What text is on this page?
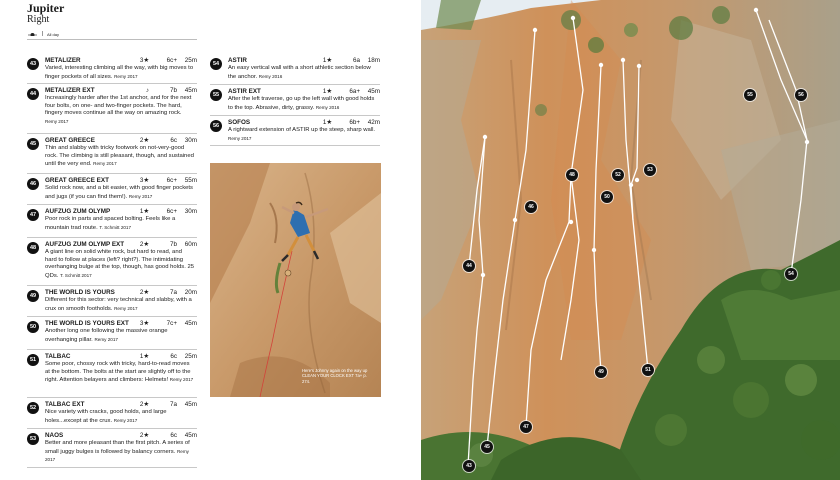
Jupiter
Right
All day
43	METALIZER	3★	6c+ 25m
Varied, interesting climbing all the way, with big moves to finger pockets of all sizes. Remy 2017
44	METALIZER EXT	♪	7b 45m
Increasingly harder after the 1st anchor, and for the next four bolts, on one- and two-finger pockets. The hard, fingery moves continue all the way on amazing rock. Remy 2017
45	GREAT GREECE	2★	6c 30m
Thin and slabby with tricky footwork on not-very-good rock. The climbing is still pleasant, though, and sustained until the very end. Remy 2017
46	GREAT GREECE EXT	3★	6c+ 55m
Solid rock now, and a bit easier, with good finger pockets and jugs (if you can find them!). Remy 2017
47	AUFZUG ZUM OLYMP	1★	6c+ 30m
Poor rock in parts and spaced bolting. Feels like a mountain trad route. T. Schmitt 2017
48	AUFZUG ZUM OLYMP EXT	2★	7b 60m
A giant line on solid white rock, but hard to read, and hard to follow at places (left? right?). The intimidating overhanging bulge at the top, though, has good holds. 25 QDs. T. Schmitt 2017
49	THE WORLD IS YOURS	2★	7a 20m
Different for this sector: very technical and slabby, with a crux on smooth footholds. Remy 2017
50	THE WORLD IS YOURS EXT 3★	7c+ 45m
Another long one following the massive orange overhanging pillar. Remy 2017
51	TALBAC	1★	6c 25m
Some poor, chossy rock with tricky, hard-to-read moves at the bottom. The bolts at the start are slightly off to the right. Attention belayers and climbers: Helmets! Remy 2017
52	TALBAC EXT	2★	7a 45m
Nice variety with cracks, good holds, and large holes...except at the crux. Remy 2017
53	NAOS	2★	6c 45m
Better and more pleasant than the first pitch. A series of small juggy bulges is followed by balancy corners. Remy 2017
54	ASTIR	1★	6a 18m
An easy vertical wall with a short athletic section below the anchor. Remy 2016
55	ASTIR EXT	1★	6a+ 45m
After the left traverse, go up the left wall with good holds to the top. Abrasive, dirty, grassy. Remy 2016
56	SOFOS	1★	6b+ 42m
A rightward extension of ASTIR up the steep, sharp wall. Remy 2017
Here's Johnny again on the way up CLEAN YOUR CLOCK EXT 7a+ p. 274.
43
44
45
46
47
48
49
50
51
52
53
54
55	56
